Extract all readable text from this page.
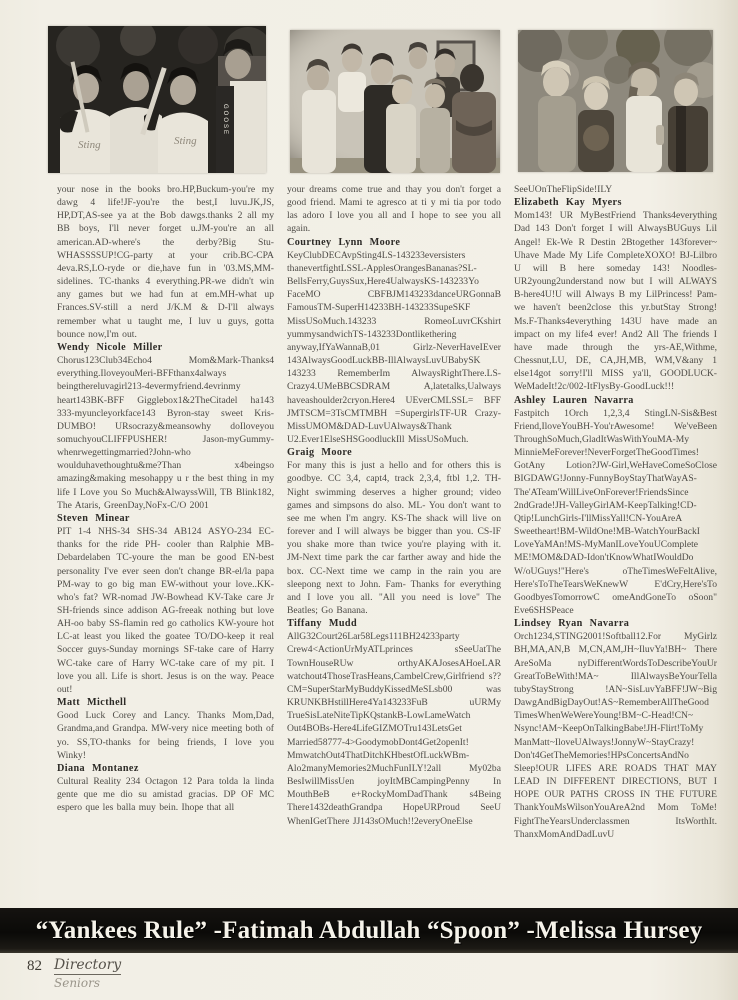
GOOSE
Sting	Sting

your nose in the books bro.HP,Buckum-you're my dawg 4 life!JF-you're the best,I luvu.JK,JS, HP,DT,AS-see ya at the Bob dawgs.thanks 2 all my BB boys, I'll never forget u.JM-you're an all american.AD-where's the derby?Big Stu-WHASSSSUP!CG-party at your crib.BC-CPA 4eva.RS,LO-ryde or die,have fun in '03.MS,MM-sidelines. TC-thanks 4 everything.PR-we didn't win any games but we had fun at em.MH-what up Frances.SV-still a nerd J/K.M & D-I'll always remember what u taught me, I luv u guys, gotta bounce now,I'm out.

Wendy Nicole Miller

Chorus123Club34Echo4 Mom&Mark-Thanks4 everything.IloveyouMeri-BFFthanx4always beingthereluvagirl213-4evermyfriend.4evrinmy heart143BK-BFF Gigglebox1&2TheCitadel ha143 333-myuncleyorkface143 Byron-stay sweet Kris-DUMBO! URsocrazy&meansowhy doIloveyou somuchyouCLIFFPUSHER! Jason-myGummy-whenrwegettingmarried?John-who woulduhavethoughtu&me?Than x4beingso amazing&making mesohappy u r the best thing in my life I Love you So Much&AlwayssWill, TB Blink182, The Ataris, GreenDay,NoFx-C/O 2001

Steven Minear

PIT 1-4 NHS-34 SHS-34 AB124 ASYO-234 EC-thanks for the ride PH- cooler than Ralphie MB-Debardelaben TC-youre the man be good EN-best personality I've ever seen don't change BR-el/la papa PM-way to go big man EW-without your love..KK-who's fat? WR-nomad JW-Bowhead KV-Take care Jr SH-friends since addison AG-freeak nothing but love AH-oo baby SS-flamin red go catholics KW-youre hot LC-at least you liked the goatee TO/DO-keep it real Soccer guys-Sunday mornings SF-take care of Harry WC-take care of Harry WC-take care of my pit. I love you all. Life is short. Jesus is on the way. Peace out!

Matt Micthell

Good Luck Corey and Lancy. Thanks Mom,Dad, Grandma,and Grandpa. MW-very nice meeting both of yo. SS,TO-thanks for being friends, I love you Winky!

Diana Montanez

Cultural Reality 234 Octagon 12 Para tolda la linda gente que me dio su amistad gracias. DP OF MC espero que les balla muy bein. Ihope that all

your dreams come true and thay you don't forget a good friend. Mami te agresco at ti y mi tia por todo las adoro I love you all and I hope to see you all again.

Courtney Lynn Moore

KeyClubDECAvpSting4LS-143233eversisters thanevertfightLSSL-ApplesOrangesBananas?SL-BellsFerry,GuysSux,Here4UalwaysKS-143233Yo FaceMO CBFBJM143233danceURGonnaB FamousTM-SuperH14233BH-143233SupeSKF MissUSoMuch.143233 RomeoLuvrCKshirt yummysandwichTS-143233Dontlikethering anyway,IfYaWannaB,01 Girlz-NeverHaveIEver 143AlwaysGoodLuckBB-IllAlwaysLuvUBabySK 143233 RememberIm AlwaysRightThere.LS-Crazy4.UMeBBCSDRAM A,latetalks,Ualways haveashoulder2cryon.Here4 UEverCMLSSL= BFF JMTSCM=3TsCMTMBH =SupergirlsTF-UR Crazy-MissUMOM&DAD-LuvUAlways&Thank U2.Ever1ElseSHSGoodluckIll MissUSoMuch.

Graig Moore

For many this is just a hello and for others this is goodbye. CC 3,4, capt4, track 2,3,4, ftbl 1,2. TH- Night swimming deserves a higher ground; video games and simpsons do also. ML- You don't want to see me when I'm angry. KS-The shack will live on forever and I will always be bigger than you. CS-IF you shake more than twice you're playing with it. JM-Next time park the car farther away and hide the box. CC-Next time we camp in the rain you are sleepong next to John. Fam- Thanks for everything and I love you all. "All you need is love" The Beatles; Go Banana.

Tiffany Mudd

AllG32Court26Lar58Legs111BH24233party Crew4<ActionUrMyATLprinces sSeeUatThe TownHouseRUw orthyAKAJosesAHoeLAR watchout4ThoseTrasHeans,CambelCrew,Girlfriend s??CM=SuperStarMyBuddyKissedMeSLsb00 was KRUNKBHstillHere4Ya143233FuB uURMy TrueSisLateNiteTipKQstankB-LowLameWatch Out4BOBs-Here4LifeGIZMOTru143LetsGet Married58777-4>GoodymobDont4Get2openIt! MmwatchOut4ThatDitchKHbestOfLuckWBm-Alo2manyMemories2MuchFunILY!2all My02ba BesIwillMissUen joyItMBCampingPenny In MouthBeB e+RockyMomDadThank s4Being There1432deathGrandpa HopeURProud SeeU WhenIGetThere JJ143sOMuch!!2everyOneElse

SeeUOnTheFlipSide!ILY

Elizabeth Kay Myers

Mom143! UR MyBestFriend Thanks4everything Dad 143 Don't forget I will AlwaysBUGuys Lil Angel! Ek-We R Destin 2Btogether 143forever~ Uhave Made My Life CompleteXOXO! BJ-Lilbro U will B here someday 143! Noodles-UR2young2understand now but I will ALWAYS B-here4U!U will Always B my LilPrincess! Pam-we haven't been2close this yr.butStay Strong! Ms.F-Thanks4everything 143U have made an impact on my life4 ever! And2 All The friends I have made through the yrs-AE,Withme, Chessnut,LU, DE, CA,JH,MB, WM,V&any 1 else14got sorry!I'll MISS ya'll, GOODLUCK-WeMadeIt!2c/002-ItFlysBy-GoodLuck!!!

Ashley Lauren Navarra

Fastpitch 1Orch 1,2,3,4 StingLN-Sis&Best Friend,IloveYouBH-You'rAwesome! We'veBeen ThroughSoMuch,GladItWasWithYouMA-My MinnieMeForever!NeverForgetTheGoodTimes! GotAny Lotion?JW-Girl,WeHaveComeSoClose BIGDAWG!Jonny-FunnyBoyStayThatWayAS-The'ATeam'WillLiveOnForever!FriendsSince 2ndGrade!JH-ValleyGirlAM-KeepTalking!CD-Qtip!LunchGirls-I'llMissYall!CN-YouAreA Sweetheart!BM-WildOne!MB-WatchYourBackI LoveYaMAn!MS-MyManILoveYouUComplete ME!MOM&DAD-Idon'tKnowWhatIWouldDo W/oUGuys!"Here's oTheTimesWeFeltAlive, Here'sToTheTearsWeKnewW E'dCry,Here'sTo GoodbyesTomorrowC omeAndGoneTo oSoon" Eve6SHSPeace

Lindsey Ryan Navarra

Orch1234,STING2001!Softball12.For MyGirlz BH,MA,AN,B M,CN,AM,JH~IluvYa!BH~ There AreSoMa nyDifferentWordsToDescribeYouUr GreatToBeWith!MA~ IllAlwaysBeYourTella tubyStayStrong !AN~SisLuvYaBFF!JW~Big DawgAndBigDayOut!AS~RememberAllTheGood TimesWhenWeWereYoung!BM~C-Head!CN~ Nsync!AM~KeepOnTalkingBabe!JH-Flirt!ToMy ManMatt~IloveUAlways!JonnyW~StayCrazy! Don't4GetTheMemories!HPsConcertsAndNo Sleep!OUR LIFES ARE ROADS THAT MAY LEAD IN DIFFERENT DIRECTIONS, BUT I HOPE OUR PATHS CROSS IN THE FUTURE ThankYouMsWilsonYouAreA2nd Mom ToMe! FightTheYearsUnderclassmen ItsWorthIt. ThanxMomAndDadLuvU

“Yankees Rule” -Fatimah Abdullah “Spoon” -Melissa Hursey
82 Directory
Seniors
